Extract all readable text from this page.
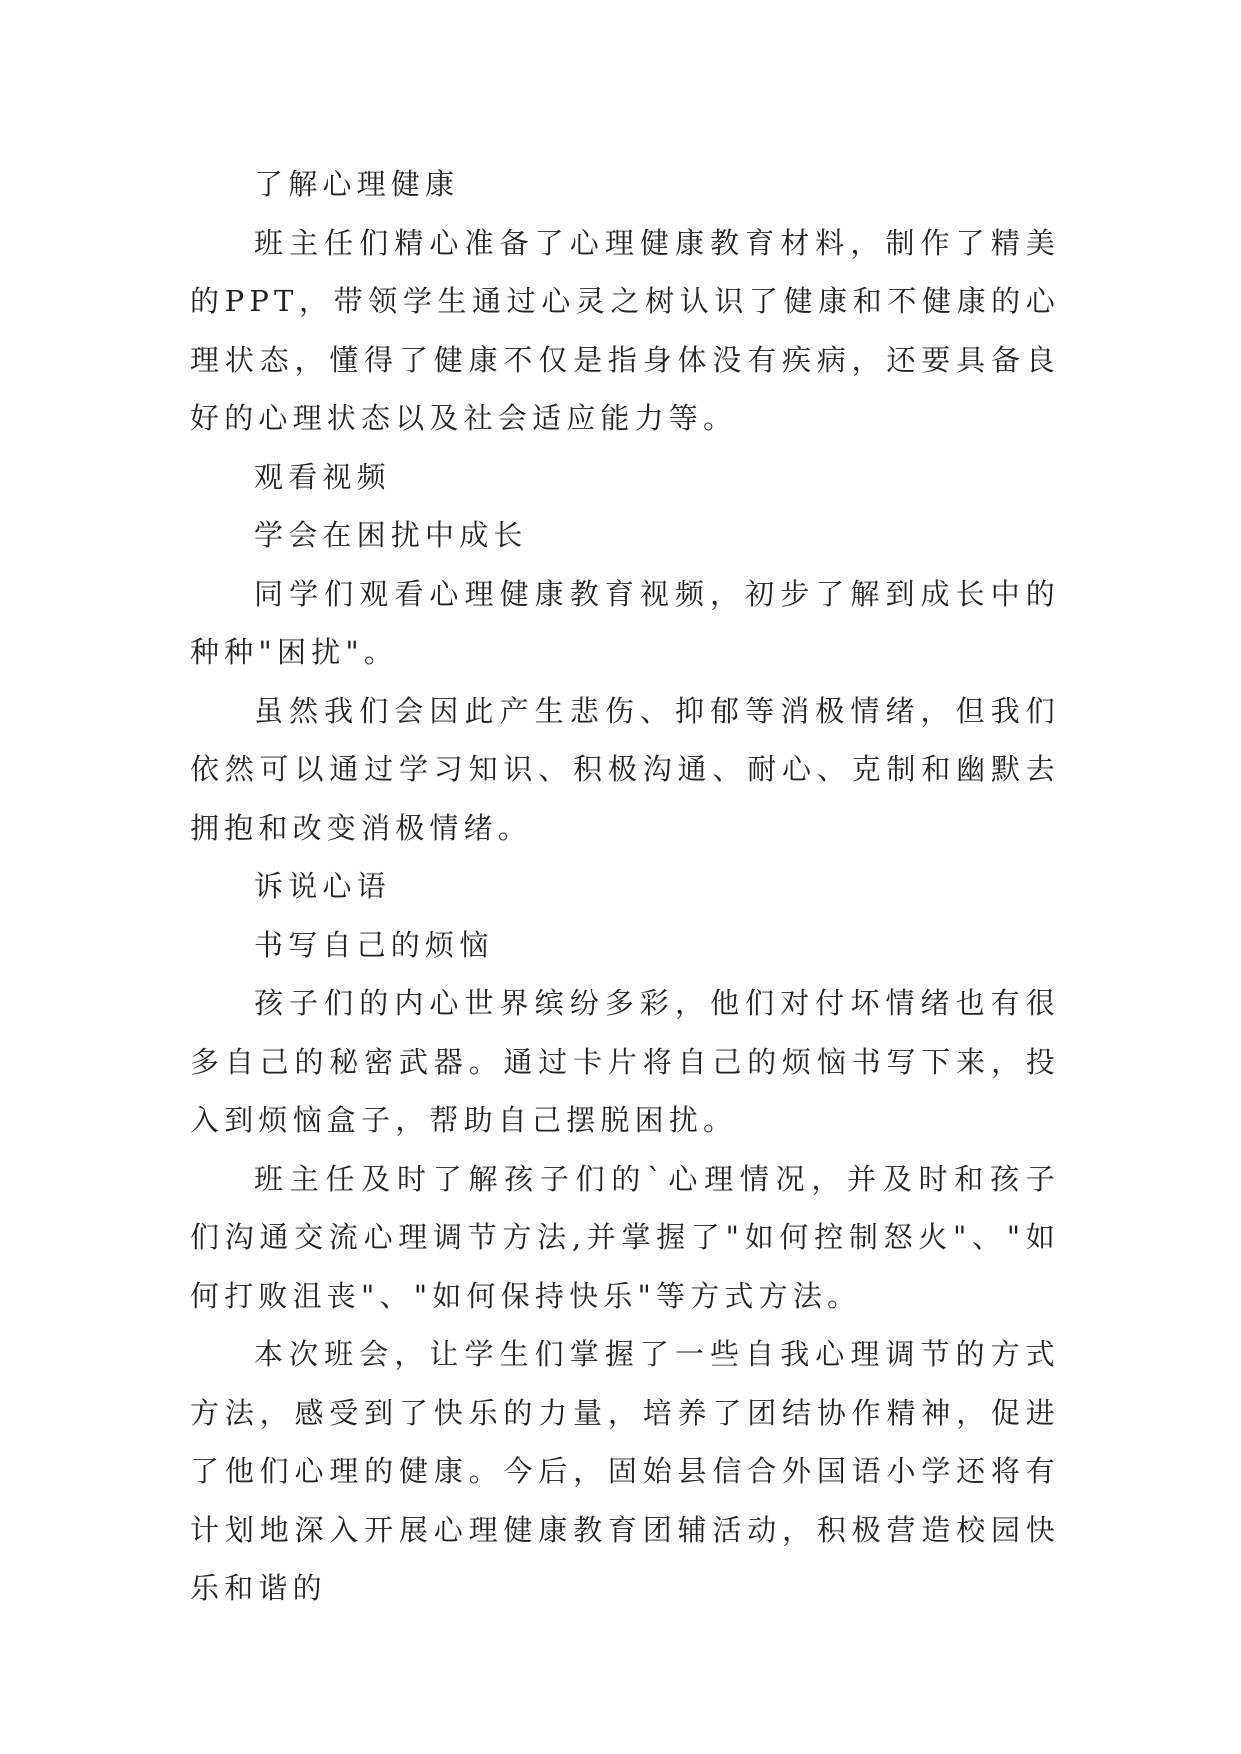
了解心理健康

班主任们精心准备了心理健康教育材料，制作了精美的PPT，带领学生通过心灵之树认识了健康和不健康的心理状态，懂得了健康不仅是指身体没有疾病，还要具备良好的心理状态以及社会适应能力等。

观看视频

学会在困扰中成长

同学们观看心理健康教育视频，初步了解到成长中的种种"困扰"。

虽然我们会因此产生悲伤、抑郁等消极情绪，但我们依然可以通过学习知识、积极沟通、耐心、克制和幽默去拥抱和改变消极情绪。

诉说心语

书写自己的烦恼

孩子们的内心世界缤纷多彩，他们对付坏情绪也有很多自己的秘密武器。通过卡片将自己的烦恼书写下来，投入到烦恼盒子，帮助自己摆脱困扰。

班主任及时了解孩子们的`心理情况，并及时和孩子们沟通交流心理调节方法,并掌握了"如何控制怒火"、"如何打败沮丧"、"如何保持快乐"等方式方法。

本次班会，让学生们掌握了一些自我心理调节的方式方法，感受到了快乐的力量，培养了团结协作精神，促进了他们心理的健康。今后，固始县信合外国语小学还将有计划地深入开展心理健康教育团辅活动，积极营造校园快乐和谐的
